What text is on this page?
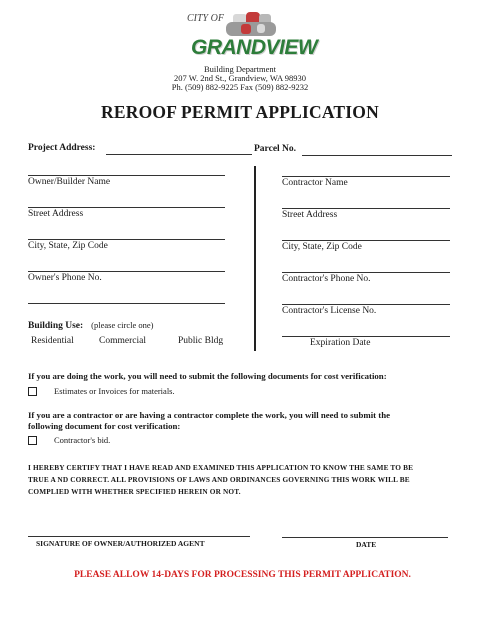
CITY OF
GRANDVIEW
Building Department
207 W. 2nd St., Grandview, WA 98930
Ph. (509) 882-9225 Fax (509) 882-9232
REROOF PERMIT APPLICATION
Project Address:	Parcel No.
Owner/Builder Name
Street Address
City, State, Zip Code
Owner's Phone No.
Building Use: (please circle one)
Residential	Commercial	Public Bldg
Contractor Name
Street Address
City, State, Zip Code
Contractor's Phone No.
Contractor's License No.
Expiration Date
If you are doing the work, you will need to submit the following documents for cost verification:
Estimates or Invoices for materials.
If you are a contractor or are having a contractor complete the work, you will need to submit the
following document for cost verification:
Contractor's bid.
I HEREBY CERTIFY THAT I HAVE READ AND EXAMINED THIS APPLICATION TO KNOW THE SAME TO BE
TRUE A ND CORRECT. ALL PROVISIONS OF LAWS AND ORDINANCES GOVERNING THIS WORK WILL BE
COMPLIED WITH WHETHER SPECIFIED HEREIN OR NOT.
SIGNATURE OF OWNER/AUTHORIZED AGENT	DATE
PLEASE ALLOW 14-DAYS FOR PROCESSING THIS PERMIT APPLICATION.
